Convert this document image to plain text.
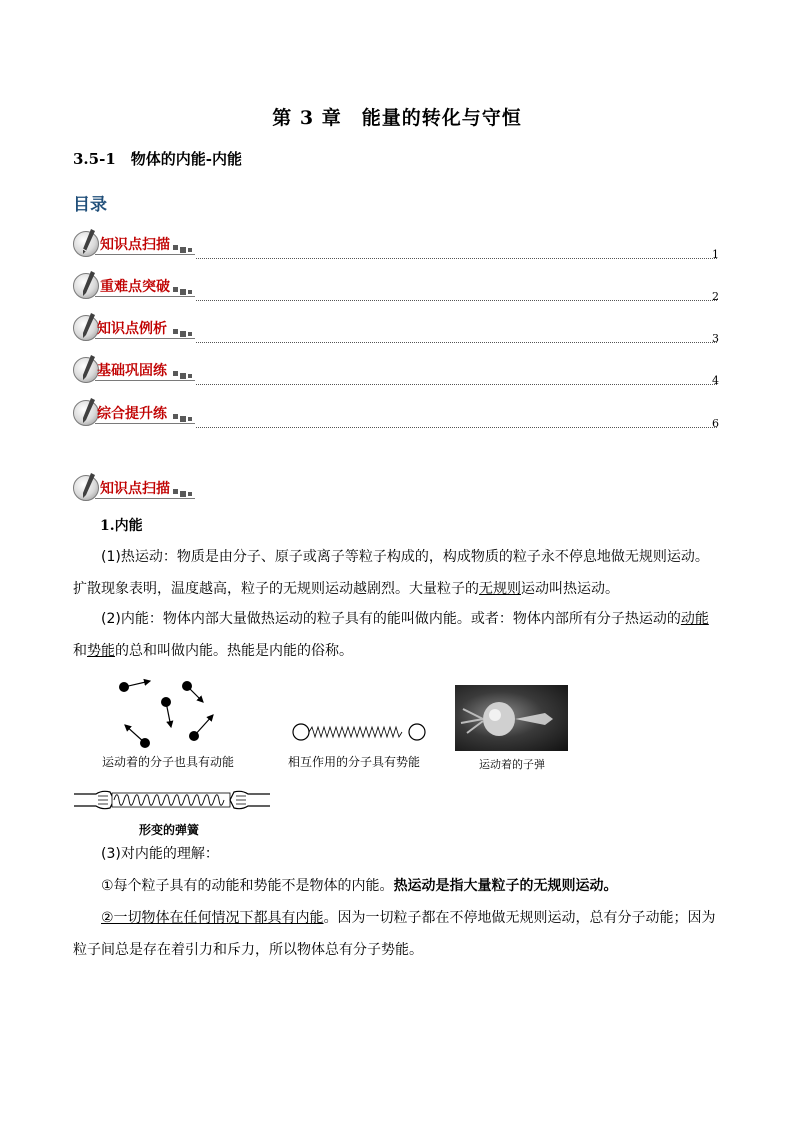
第 3 章　能量的转化与守恒
3.5-1　物体的内能-内能
目录
知识点扫描
1
重难点突破
2
知识点例析
3
基础巩固练
4
综合提升练
6
知识点扫描
1.内能
(1)热运动：物质是由分子、原子或离子等粒子构成的，构成物质的粒子永不停息地做无规则运动。扩散现象表明，温度越高，粒子的无规则运动越剧烈。大量粒子的无规则运动叫热运动。
(2)内能：物体内部大量做热运动的粒子具有的能叫做内能。或者：物体内部所有分子热运动的动能和势能的总和叫做内能。热能是内能的俗称。
运动着的分子也具有动能	相互作用的分子具有势能	运动着的子弹
形变的弹簧
(3)对内能的理解：
①每个粒子具有的动能和势能不是物体的内能。热运动是指大量粒子的无规则运动。
②一切物体在任何情况下都具有内能。因为一切粒子都在不停地做无规则运动，总有分子动能；因为粒子间总是存在着引力和斥力，所以物体总有分子势能。
